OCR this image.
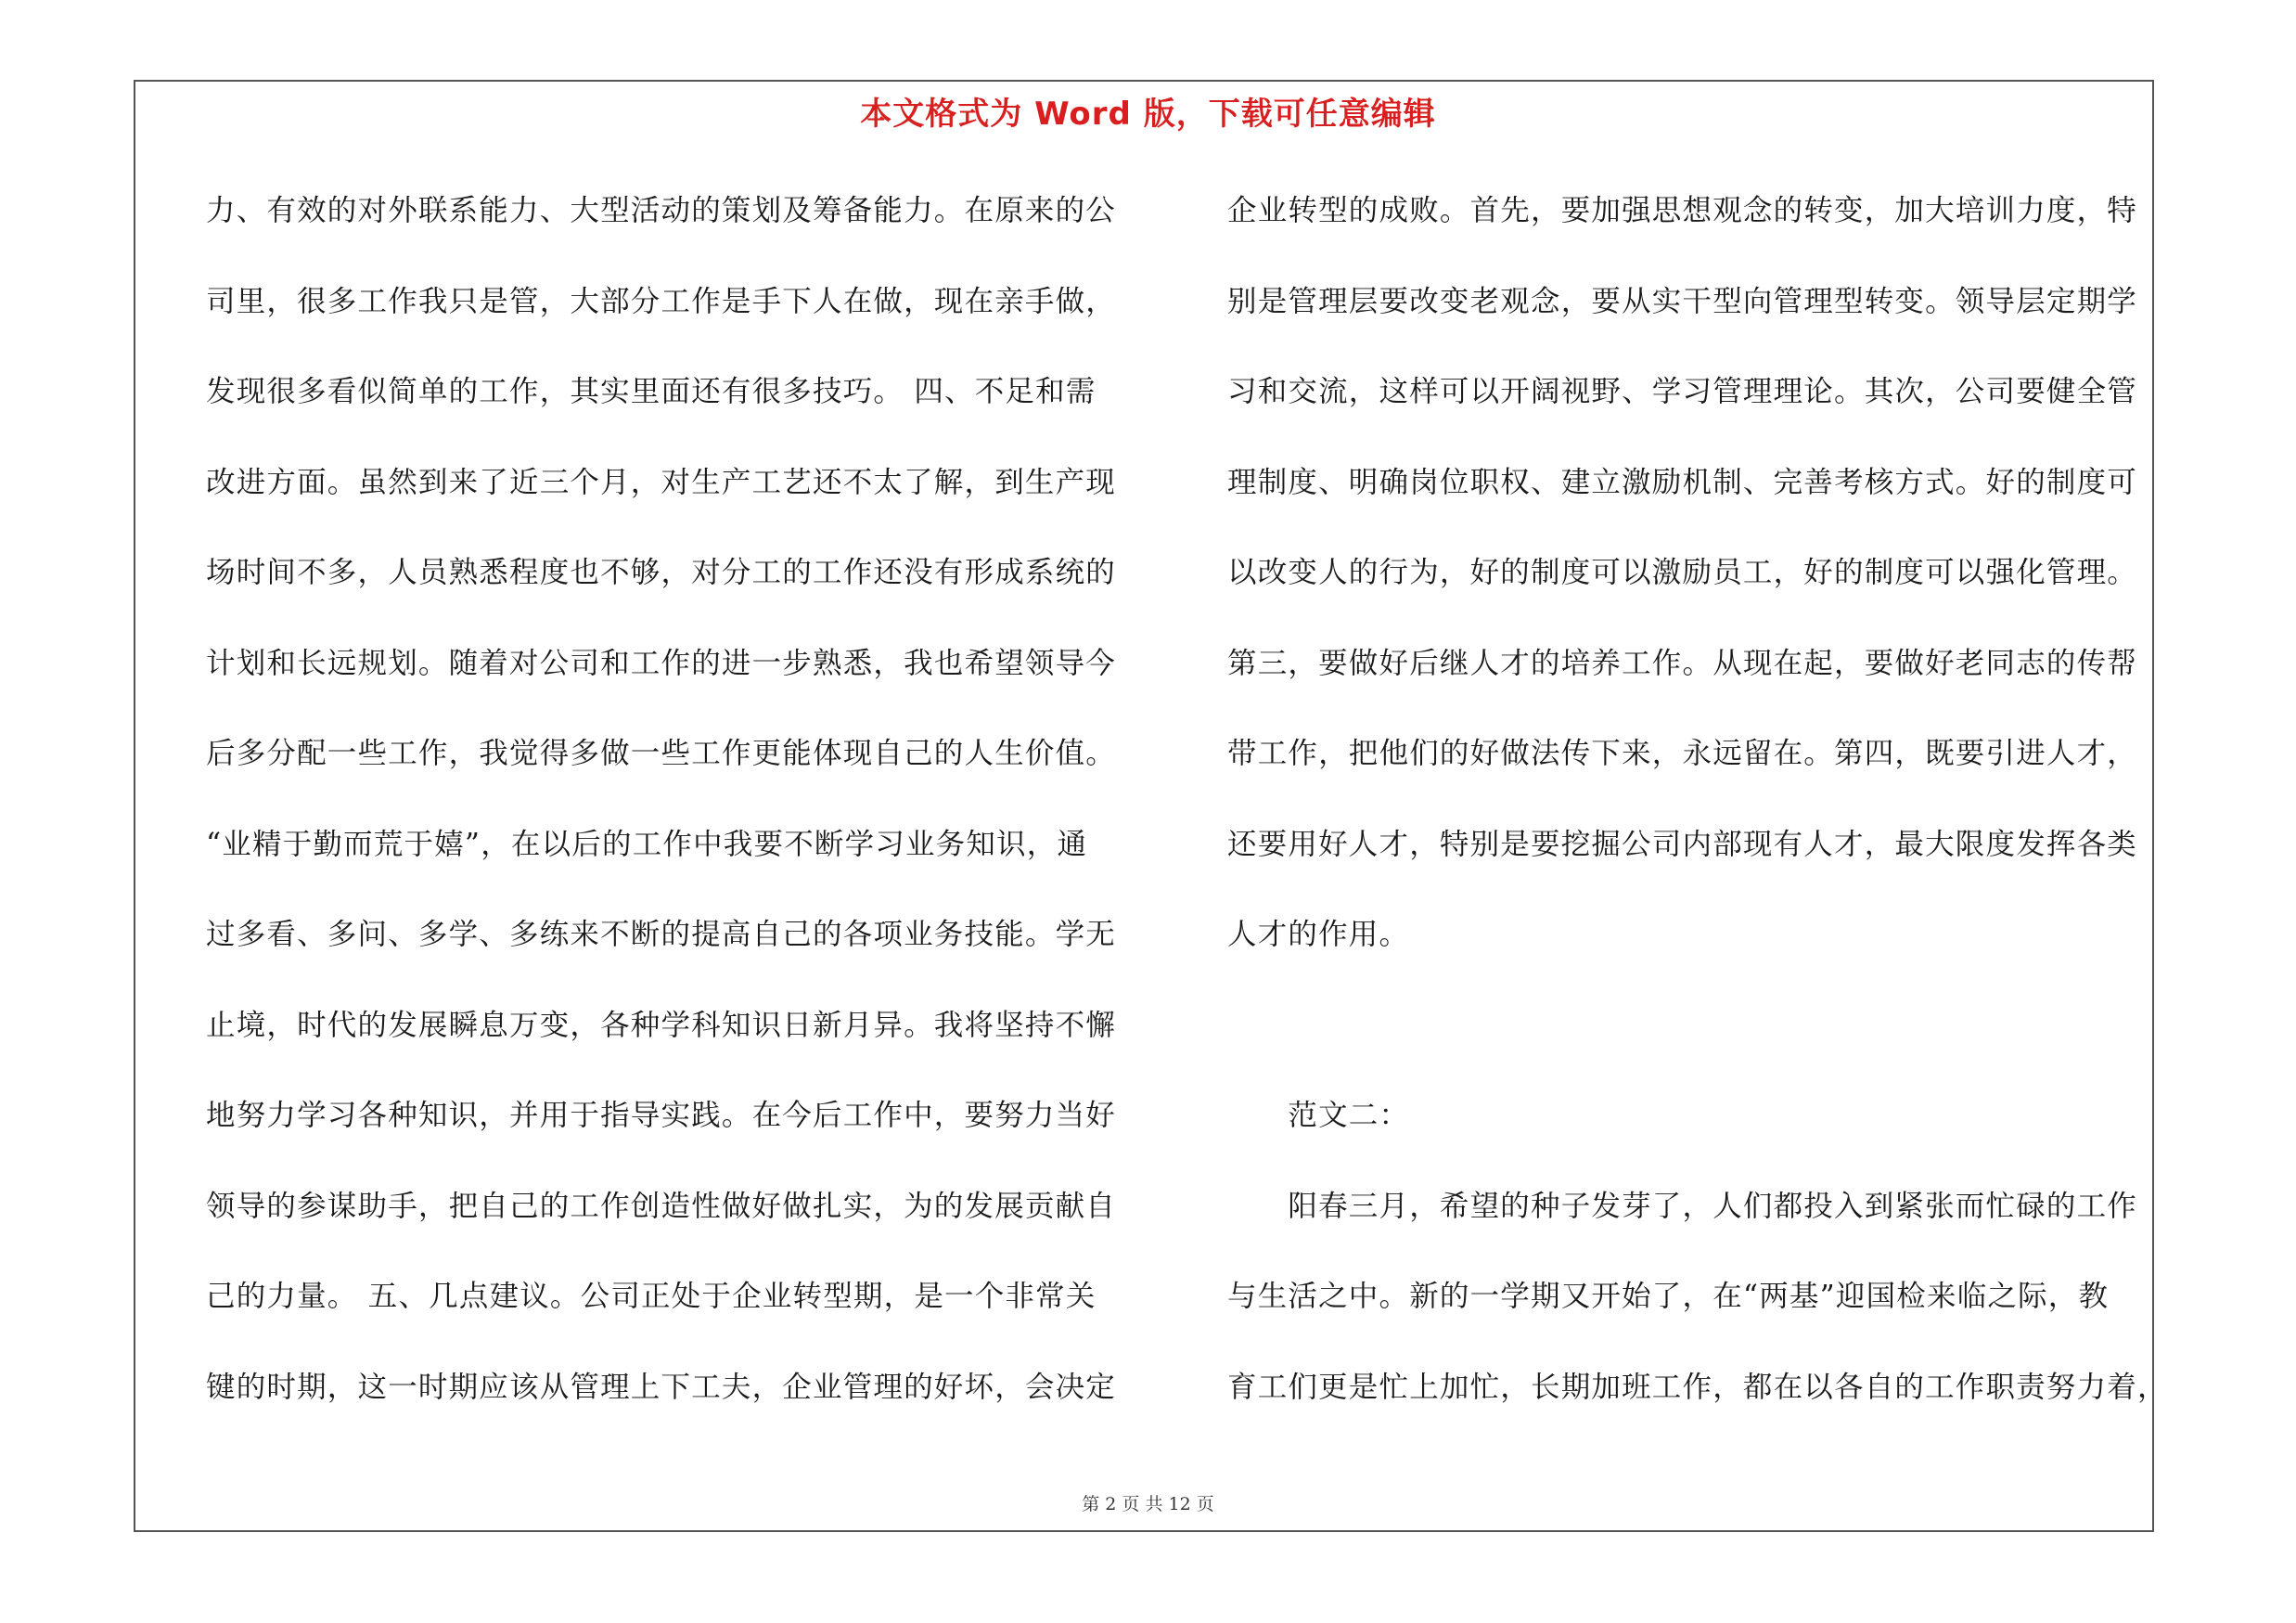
本文格式为 Word 版，下载可任意编辑
力、有效的对外联系能力、大型活动的策划及筹备能力。在原来的公
司里，很多工作我只是管，大部分工作是手下人在做，现在亲手做，
发现很多看似简单的工作，其实里面还有很多技巧。 四、不足和需
改进方面。虽然到来了近三个月，对生产工艺还不太了解，到生产现
场时间不多，人员熟悉程度也不够，对分工的工作还没有形成系统的
计划和长远规划。随着对公司和工作的进一步熟悉，我也希望领导今
后多分配一些工作，我觉得多做一些工作更能体现自己的人生价值。
“业精于勤而荒于嬉”，在以后的工作中我要不断学习业务知识，通
过多看、多问、多学、多练来不断的提高自己的各项业务技能。学无
止境，时代的发展瞬息万变，各种学科知识日新月异。我将坚持不懈
地努力学习各种知识，并用于指导实践。在今后工作中，要努力当好
领导的参谋助手，把自己的工作创造性做好做扎实，为的发展贡献自
己的力量。 五、几点建议。公司正处于企业转型期，是一个非常关
键的时期，这一时期应该从管理上下工夫，企业管理的好坏，会决定
企业转型的成败。首先，要加强思想观念的转变，加大培训力度，特
别是管理层要改变老观念，要从实干型向管理型转变。领导层定期学
习和交流，这样可以开阔视野、学习管理理论。其次，公司要健全管
理制度、明确岗位职权、建立激励机制、完善考核方式。好的制度可
以改变人的行为，好的制度可以激励员工，好的制度可以强化管理。
第三，要做好后继人才的培养工作。从现在起，要做好老同志的传帮
带工作，把他们的好做法传下来，永远留在。第四，既要引进人才，
还要用好人才，特别是要挖掘公司内部现有人才，最大限度发挥各类
人才的作用。
　　范文二：
　　阳春三月，希望的种子发芽了，人们都投入到紧张而忙碌的工作
与生活之中。新的一学期又开始了，在“两基”迎国检来临之际，教
育工们更是忙上加忙，长期加班工作，都在以各自的工作职责努力着，
第 2 页 共 12 页
